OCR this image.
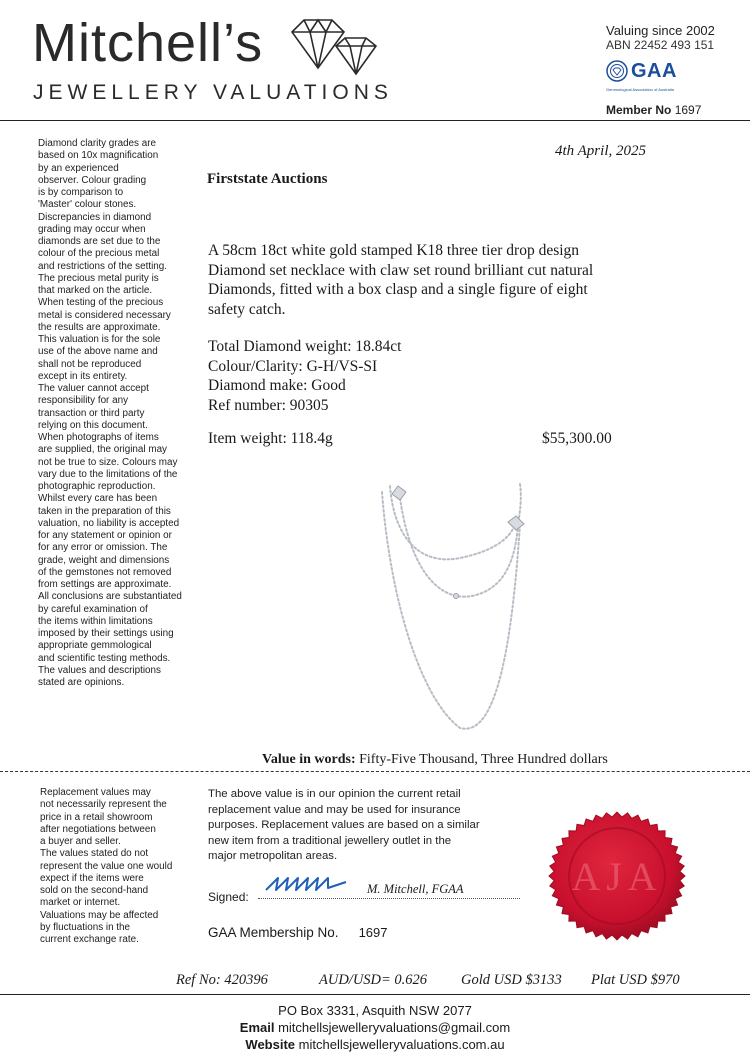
Mitchell’s
JEWELLERY VALUATIONS
Valuing since 2002
ABN 22452 493 151
GAA
Gemmological Association of Australia
Member No 1697
Diamond clarity grades are
based on 10x magnification
by an experienced
observer. Colour grading
is by comparison to
'Master' colour stones.
Discrepancies in diamond
grading may occur when
diamonds are set due to the
colour of the precious metal
and restrictions of the setting.
The precious metal purity is
that marked on the article.
When testing of the precious
metal is considered necessary
the results are approximate.
This valuation is for the sole
use of the above name and
shall not be reproduced
except in its entirety.
The valuer cannot accept
responsibility for any
transaction or third party
relying on this document.
When photographs of items
are supplied, the original may
not be true to size. Colours may
vary due to the limitations of the
photographic reproduction.
Whilst every care has been
taken in the preparation of this
valuation, no liability is accepted
for any statement or opinion or
for any error or omission. The
grade, weight and dimensions
of the gemstones not removed
from settings are approximate.
All conclusions are substantiated
by careful examination of
the items within limitations
imposed by their settings using
appropriate gemmological
and scientific testing methods.
The values and descriptions
stated are opinions.
4th April, 2025
Firststate Auctions
A 58cm 18ct white gold stamped K18 three tier drop design
Diamond set necklace with claw set round brilliant cut natural
Diamonds, fitted with a box clasp and a single figure of eight
safety catch.
Total Diamond weight: 18.84ct
Colour/Clarity: G-H/VS-SI
Diamond make: Good
Ref number: 90305
Item weight: 118.4g	$55,300.00
Value in words: Fifty-Five Thousand, Three Hundred dollars
Replacement values may
not necessarily represent the
price in a retail showroom
after negotiations between
a buyer and seller.
The values stated do not
represent the value one would
expect if the items were
sold on the second-hand
market or internet.
Valuations may be affected
by fluctuations in the
current exchange rate.
The above value is in our opinion the current retail
replacement value and may be used for insurance
purposes. Replacement values are based on a similar
new item from a traditional jewellery outlet in the
major metropolitan areas.
Signed:
M. Mitchell, FGAA
GAA Membership No. 1697
AJA
Ref No: 420396	AUD/USD= 0.626 Gold USD $3133 Plat USD $970
PO Box 3331, Asquith NSW 2077
Email mitchellsjewelleryvaluations@gmail.com
Website mitchellsjewelleryvaluations.com.au
